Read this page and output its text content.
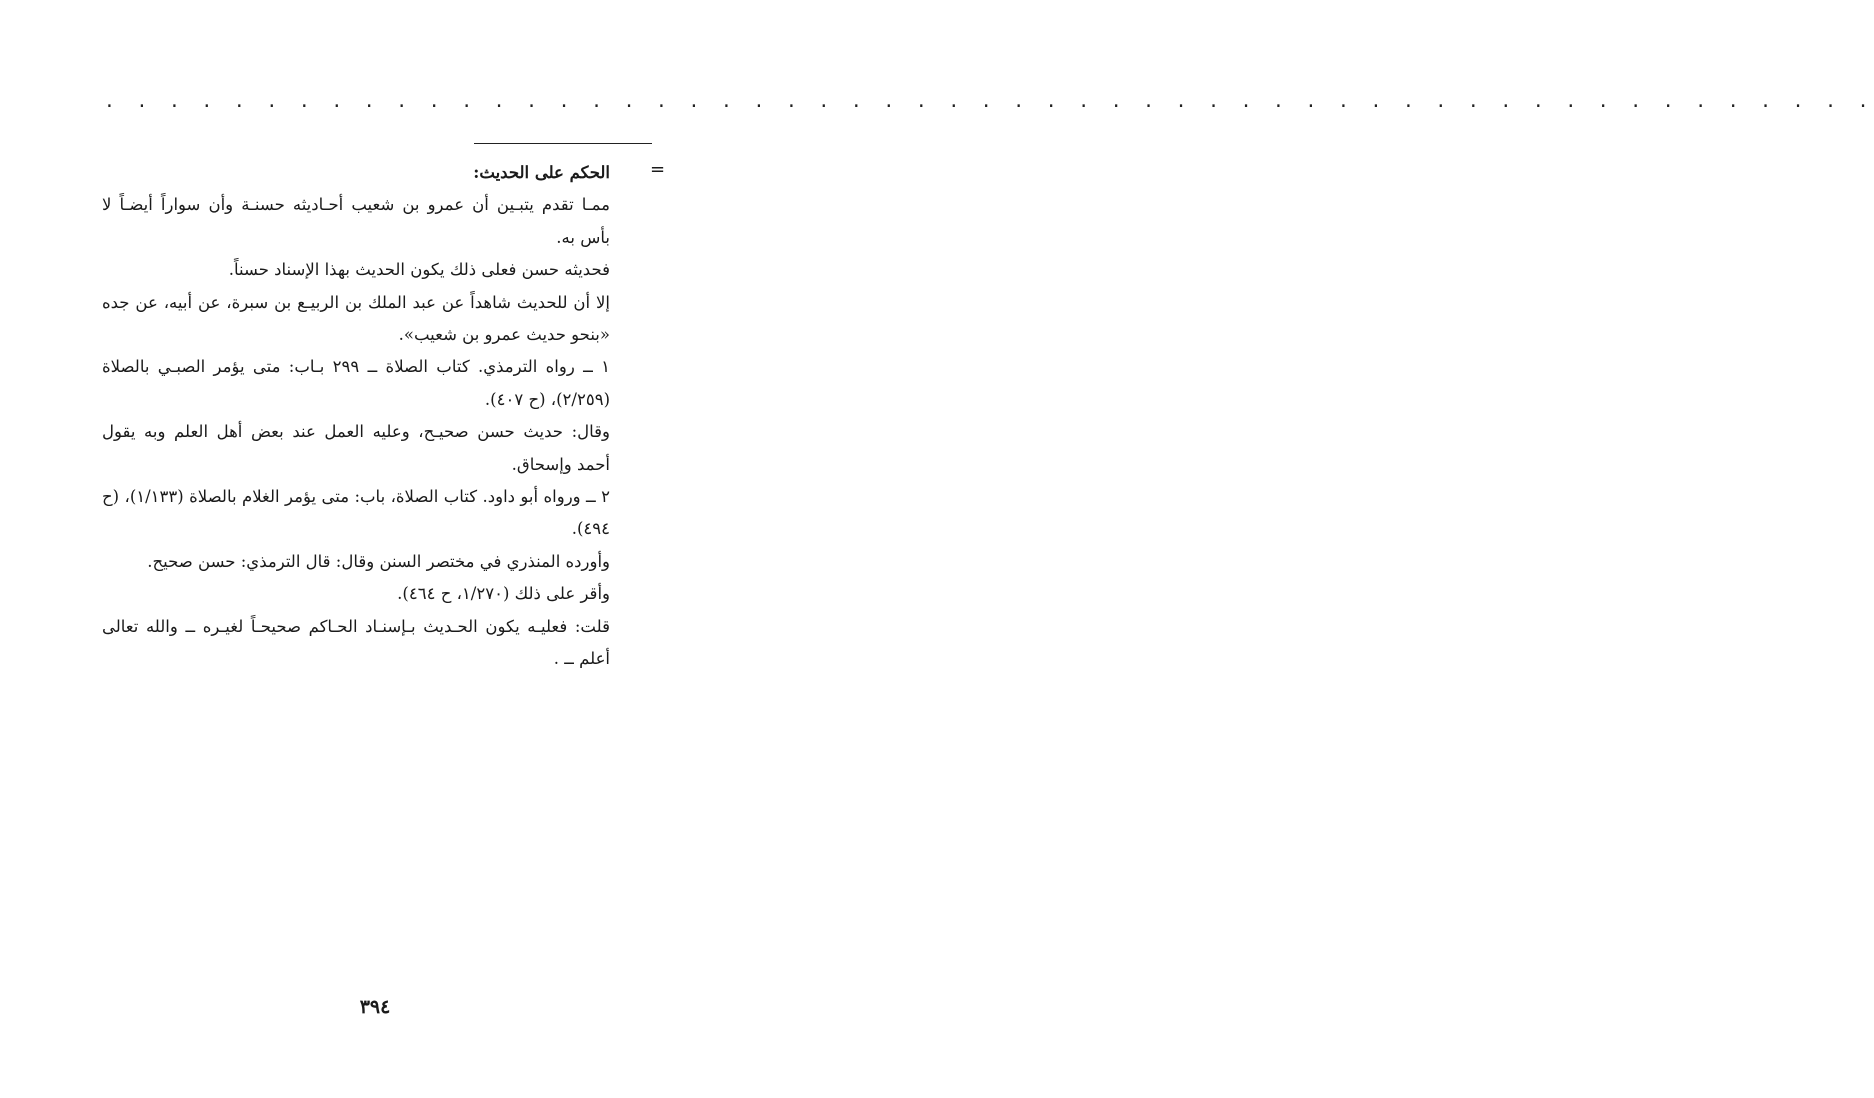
. . . . . . . . . . . . . . . . . . . . . . . . . . . . . . . . . . . . . . . . . . . . . . . . . . . . . . .
=

الحكم على الحديث:

ممـا تقدم يتبـين أن عمرو بن شعيب أحـاديثه حسنـة وأن سواراً أيضـاً لا بأس به.

فحديثه حسن فعلى ذلك يكون الحديث بهذا الإسناد حسناً.

إلا أن للحديث شاهداً عن عبد الملك بن الربيـع بن سبرة، عن أبيه، عن جده «بنحو حديث عمرو بن شعيب».

١ ــ رواه الترمذي. كتاب الصلاة ــ ٢٩٩ بـاب: متى يؤمر الصبـي بالصلاة (٢/٢٥٩)، (ح ٤٠٧).

وقال: حديث حسن صحيـح، وعليه العمل عند بعض أهل العلم وبه يقول أحمد وإسحاق.

٢ ــ ورواه أبو داود. كتاب الصلاة، باب: متى يؤمر الغلام بالصلاة (١/١٣٣)، (ح ٤٩٤).

وأورده المنذري في مختصر السنن وقال: قال الترمذي: حسن صحيح.

وأقر على ذلك (١/٢٧٠، ح ٤٦٤).

قلت: فعليـه يكون الحـديث بـإسنـاد الحـاكم صحيحـاً لغيـره ــ والله تعالى أعلم ــ .

٣٩٤
